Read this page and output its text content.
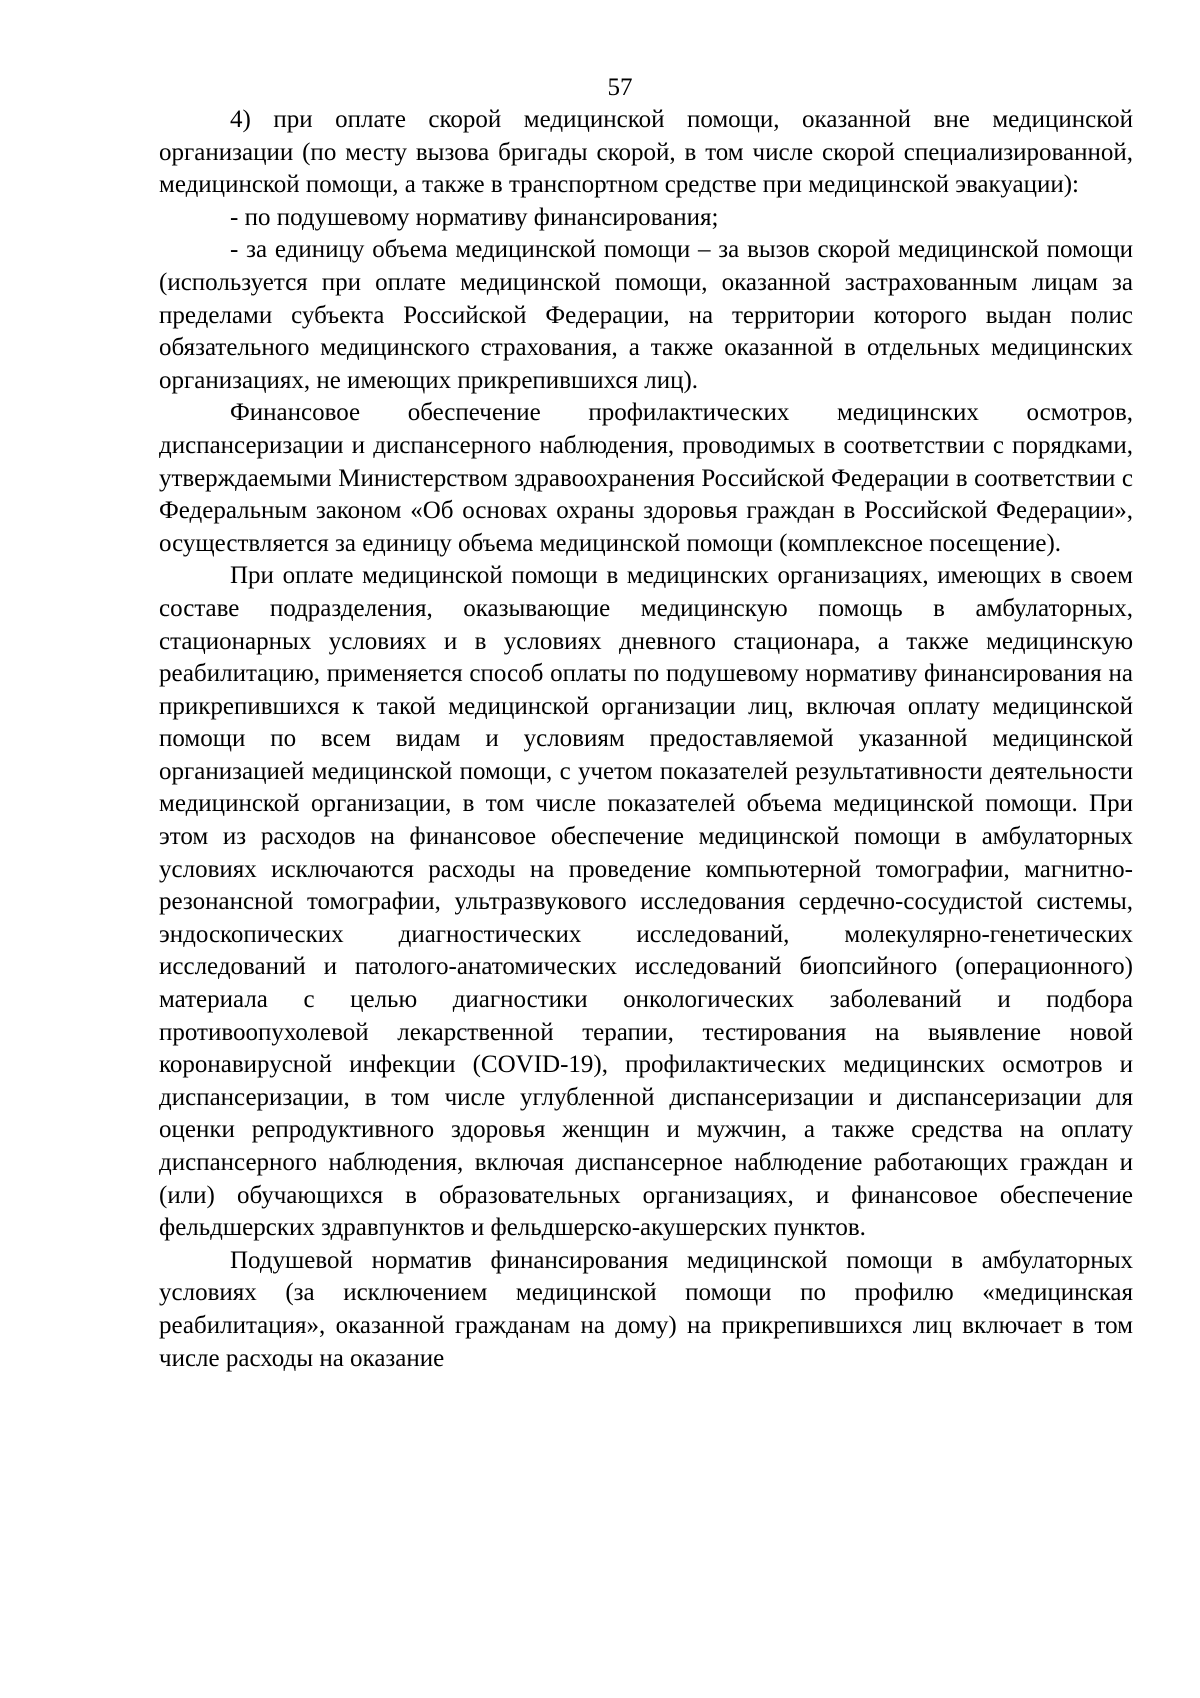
57

4) при оплате скорой медицинской помощи, оказанной вне медицинской организации (по месту вызова бригады скорой, в том числе скорой специализированной, медицинской помощи, а также в транспортном средстве при медицинской эвакуации):

- по подушевому нормативу финансирования;

- за единицу объема медицинской помощи – за вызов скорой медицинской помощи (используется при оплате медицинской помощи, оказанной застрахованным лицам за пределами субъекта Российской Федерации, на территории которого выдан полис обязательного медицинского страхования, а также оказанной в отдельных медицинских организациях, не имеющих прикрепившихся лиц).

Финансовое обеспечение профилактических медицинских осмотров, диспансеризации и диспансерного наблюдения, проводимых в соответствии с порядками, утверждаемыми Министерством здравоохранения Российской Федерации в соответствии с Федеральным законом «Об основах охраны здоровья граждан в Российской Федерации», осуществляется за единицу объема медицинской помощи (комплексное посещение).

При оплате медицинской помощи в медицинских организациях, имеющих в своем составе подразделения, оказывающие медицинскую помощь в амбулаторных, стационарных условиях и в условиях дневного стационара, а также медицинскую реабилитацию, применяется способ оплаты по подушевому нормативу финансирования на прикрепившихся к такой медицинской организации лиц, включая оплату медицинской помощи по всем видам и условиям предоставляемой указанной медицинской организацией медицинской помощи, с учетом показателей результативности деятельности медицинской организации, в том числе показателей объема медицинской помощи. При этом из расходов на финансовое обеспечение медицинской помощи в амбулаторных условиях исключаются расходы на проведение компьютерной томографии, магнитно-резонансной томографии, ультразвукового исследования сердечно-сосудистой системы, эндоскопических диагностических исследований, молекулярно-генетических исследований и патолого-анатомических исследований биопсийного (операционного) материала с целью диагностики онкологических заболеваний и подбора противоопухолевой лекарственной терапии, тестирования на выявление новой коронавирусной инфекции (COVID-19), профилактических медицинских осмотров и диспансеризации, в том числе углубленной диспансеризации и диспансеризации для оценки репродуктивного здоровья женщин и мужчин, а также средства на оплату диспансерного наблюдения, включая диспансерное наблюдение работающих граждан и (или) обучающихся в образовательных организациях, и финансовое обеспечение фельдшерских здравпунктов и фельдшерско-акушерских пунктов.

Подушевой норматив финансирования медицинской помощи в амбулаторных условиях (за исключением медицинской помощи по профилю «медицинская реабилитация», оказанной гражданам на дому) на прикрепившихся лиц включает в том числе расходы на оказание
